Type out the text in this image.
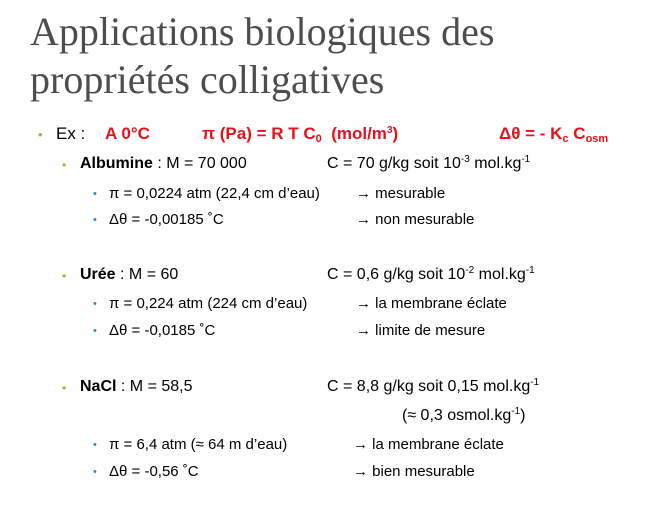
Applications biologiques des
propriétés colligatives
• Ex : A 0°C	π (Pa) = R T $C_0$ $(mol/m^3)$	Δθ = - $K_c$ $C_{osm}$
• Albumine : M = 70 000	C = 70 g/kg soit $10^{-3}$ $mol.kg^{-1}$
• π = 0,0224 atm (22,4 cm d’eau) → mesurable
• Δθ = -0,00185 ˚C	→ non mesurable
• Urée : M = 60	C = 0,6 g/kg soit $10^{-2}$ $mol.kg^{-1}$
• π = 0,224 atm (224 cm d’eau)	→ la membrane éclate
• Δθ = -0,0185 ˚C	→ limite de mesure
• NaCl : M = 58,5	C = 8,8 g/kg soit 0,15 $mol.kg^{-1}$
(≈ 0,3 $osmol.kg^{-1}$)
• π = 6,4 atm (≈ 64 m d’eau)	→ la membrane éclate
• Δθ = -0,56 ˚C	→ bien mesurable
